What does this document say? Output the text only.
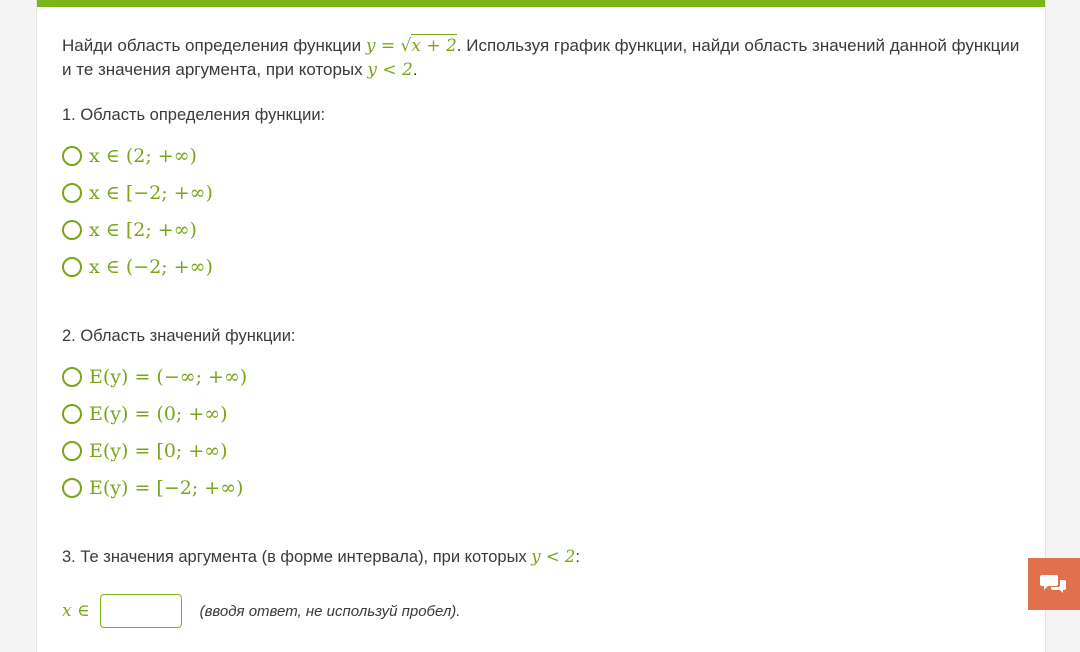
Найди область определения функции y = √x + 2. Используя график функции, найди область значений данной функции и те значения аргумента, при которых y < 2.

1. Область определения функции:

x ∈ (2; +∞)
x ∈ [−2; +∞)
x ∈ [2; +∞)
x ∈ (−2; +∞)

2. Область значений функции:

E(y) = (−∞; +∞)
E(y) = (0; +∞)
E(y) = [0; +∞)
E(y) = [−2; +∞)

3. Те значения аргумента (в форме интервала), при которых y < 2:

x ∈	(вводя ответ, не используй пробел).
